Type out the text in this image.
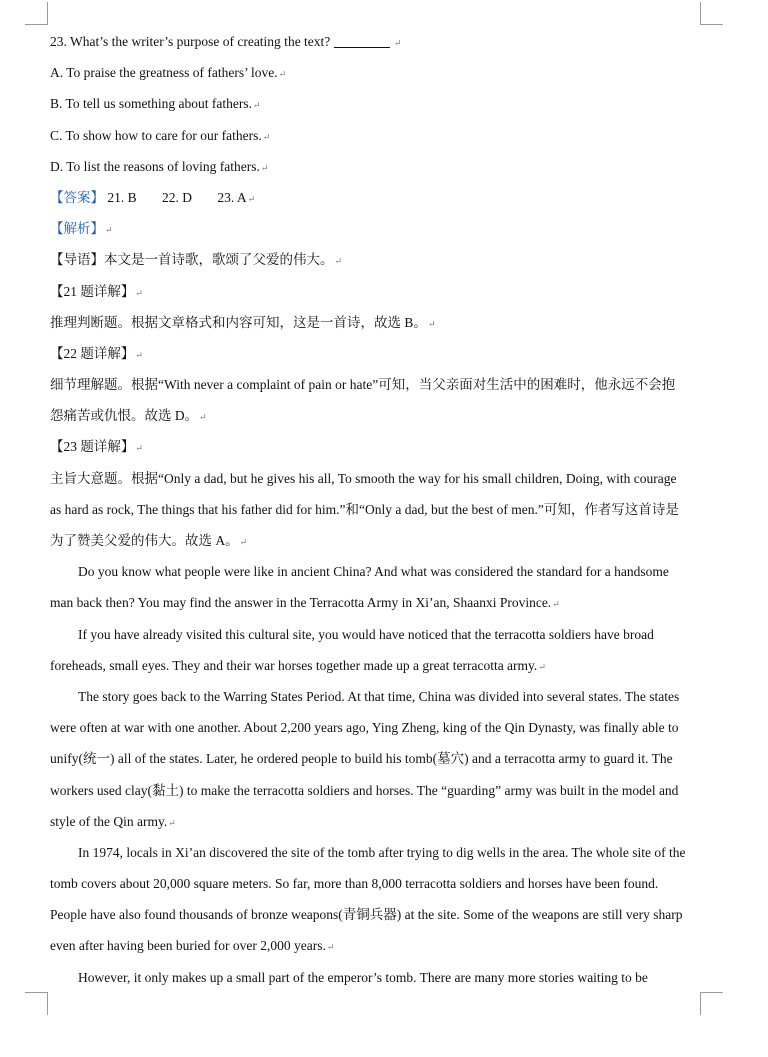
23. What’s the writer’s purpose of creating the text?	↵
A. To praise the greatness of fathers’ love.↵
B. To tell us something about fathers.↵
C. To show how to care for our fathers.↵
D. To list the reasons of loving fathers.↵
【答案】 21. B 22. D 23. A↵
【解析】↵
【导语】本文是一首诗歌，歌颂了父爱的伟大。↵
【21 题详解】↵
推理判断题。根据文章格式和内容可知，这是一首诗，故选 B。↵
【22 题详解】↵
细节理解题。根据“With never a complaint of pain or hate”可知，当父亲面对生活中的困难时，他永远不会抱
怨痛苦或仇恨。故选 D。↵
【23 题详解】↵
主旨大意题。根据“Only a dad, but he gives his all, To smooth the way for his small children, Doing, with courage
as hard as rock, The things that his father did for him.”和“Only a dad, but the best of men.”可知，作者写这首诗是
为了赞美父爱的伟大。故选 A。↵
Do you know what people were like in ancient China? And what was considered the standard for a handsome
man back then? You may find the answer in the Terracotta Army in Xi’an, Shaanxi Province.↵
If you have already visited this cultural site, you would have noticed that the terracotta soldiers have broad
foreheads, small eyes. They and their war horses together made up a great terracotta army.↵
The story goes back to the Warring States Period. At that time, China was divided into several states. The states
were often at war with one another. About 2,200 years ago, Ying Zheng, king of the Qin Dynasty, was finally able to
unify(统一) all of the states. Later, he ordered people to build his tomb(墓穴) and a terracotta army to guard it. The
workers used clay(黏土) to make the terracotta soldiers and horses. The “guarding” army was built in the model and
style of the Qin army.↵
In 1974, locals in Xi’an discovered the site of the tomb after trying to dig wells in the area. The whole site of the
tomb covers about 20,000 square meters. So far, more than 8,000 terracotta soldiers and horses have been found.
People have also found thousands of bronze weapons(青铜兵器) at the site. Some of the weapons are still very sharp
even after having been buried for over 2,000 years.↵
However, it only makes up a small part of the emperor’s tomb. There are many more stories waiting to be
